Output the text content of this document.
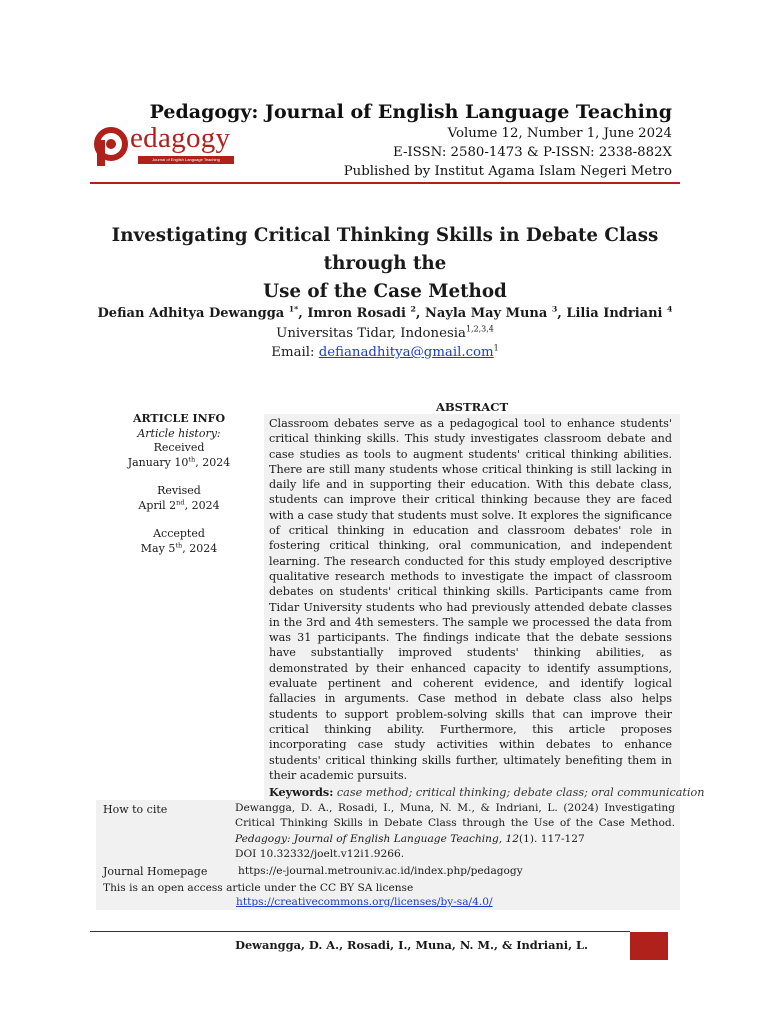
edagogy
Journal of English Language Teaching
Pedagogy: Journal of English Language Teaching
Volume 12, Number 1, June 2024
E-ISSN: 2580-1473 & P-ISSN: 2338-882X
Published by Institut Agama Islam Negeri Metro
Investigating Critical Thinking Skills in Debate Class through the
Use of the Case Method
Defian Adhitya Dewangga $^{1*}$, Imron Rosadi $^2$, Nayla May Muna $^3$, Lilia Indriani $^4$
Universitas Tidar, Indonesia$^{1,2,3,4}$
Email: defianadhitya@gmail.com$^1$
ARTICLE INFO
Article history:
Received
January 10th, 2024
Revised
April 2nd, 2024
Accepted
May 5th, 2024
ABSTRACT
Classroom debates serve as a pedagogical tool to enhance students' critical thinking skills. This study investigates classroom debate and case studies as tools to augment students' critical thinking abilities. There are still many students whose critical thinking is still lacking in daily life and in supporting their education. With this debate class, students can improve their critical thinking because they are faced with a case study that students must solve. It explores the significance of critical thinking in education and classroom debates' role in fostering critical thinking, oral communication, and independent learning. The research conducted for this study employed descriptive qualitative research methods to investigate the impact of classroom debates on students' critical thinking skills. Participants came from Tidar University students who had previously attended debate classes in the 3rd and 4th semesters. The sample we processed the data from was 31 participants. The findings indicate that the debate sessions have substantially improved students' thinking abilities, as demonstrated by their enhanced capacity to identify assumptions, evaluate pertinent and coherent evidence, and identify logical fallacies in arguments. Case method in debate class also helps students to support problem-solving skills that can improve their critical thinking ability. Furthermore, this article proposes incorporating case study activities within debates to enhance students' critical thinking skills further, ultimately benefiting them in their academic pursuits.
Keywords: case method; critical thinking; debate class; oral communication
How to cite	Dewangga, D. A., Rosadi, I., Muna, N. M., & Indriani, L. (2024) Investigating Critical Thinking Skills in Debate Class through the Use of the Case Method. Pedagogy: Journal of English Language Teaching, 12(1). 117-127
DOI 10.32332/joelt.v12i1.9266.
Journal Homepage	https://e-journal.metrouniv.ac.id/index.php/pedagogy
This is an open access article under the CC BY SA license
https://creativecommons.org/licenses/by-sa/4.0/
Dewangga, D. A., Rosadi, I., Muna, N. M., & Indriani, L.
